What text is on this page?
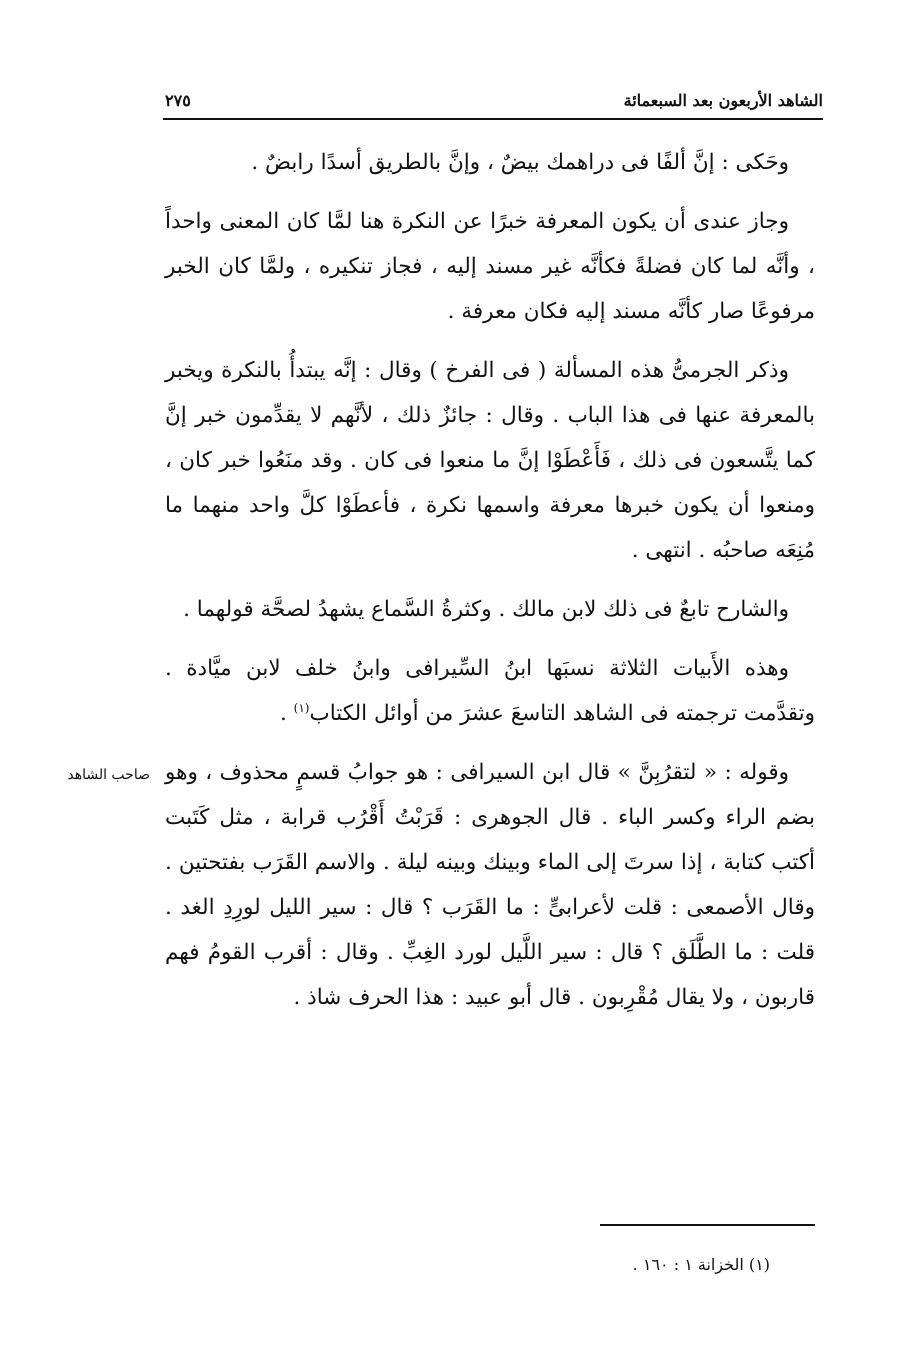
الشاهد الأربعون بعد السبعمائة
٢٧٥

وحَكى : إنَّ ألفًا فى دراهمك بيضٌ ، وإنَّ بالطريق أسدًا رابضٌ .

وجاز عندى أن يكون المعرفة خبرًا عن النكرة هنا لمَّا كان المعنى واحداً ، وأنَّه لما كان فضلةً فكأنَّه غير مسند إليه ، فجاز تنكيره ، ولمَّا كان الخبر مرفوعًا صار كأنَّه مسند إليه فكان معرفة .

وذكر الجرمىُّ هذه المسألة ( فى الفرخ ) وقال : إنَّه يبتدأُ بالنكرة ويخبر بالمعرفة عنها فى هذا الباب . وقال : جائزٌ ذلك ، لأنَّهم لا يقدِّمون خبر إنَّ كما يتَّسعون فى ذلك ، فَأَعْطَوْا إنَّ ما منعوا فى كان . وقد منَعُوا خبر كان ، ومنعوا أن يكون خبرها معرفة واسمها نكرة ، فأعطَوْا كلَّ واحد منهما ما مُنِعَه صاحبُه . انتهى .

والشارح تابعٌ فى ذلك لابن مالك . وكثرةُ السَّماع يشهدُ لصحَّة قولهما .

وهذه الأَبيات الثلاثة نسبَها ابنُ السِّيرافى وابنُ خلف لابن ميَّادة . وتقدَّمت ترجمته فى الشاهد التاسعَ عشرَ من أوائل الكتاب$^{(١)}$ .

وقوله : « لتقرُبِنَّ » قال ابن السيرافى : هو جوابُ قسمٍ محذوف ، وهو بضم الراء وكسر الباء . قال الجوهرى : قَرَبْتُ أَقْرُب قرابة ، مثل كَتَبت أكتب كتابة ، إذا سرتَ إلى الماء وبينك وبينه ليلة . والاسم القَرَب بفتحتين . وقال الأصمعى : قلت لأعرابىٍّ : ما القَرَب ؟ قال : سير الليل لورِدِ الغد . قلت : ما الطَّلَق ؟ قال : سير اللَّيل لورد الغِبِّ . وقال : أقرب القومُ فهم قاربون ، ولا يقال مُقْرِبون . قال أبو عبيد : هذا الحرف شاذ .

صاحب الشاهد
(١) الخزانة ١ : ١٦٠ .
